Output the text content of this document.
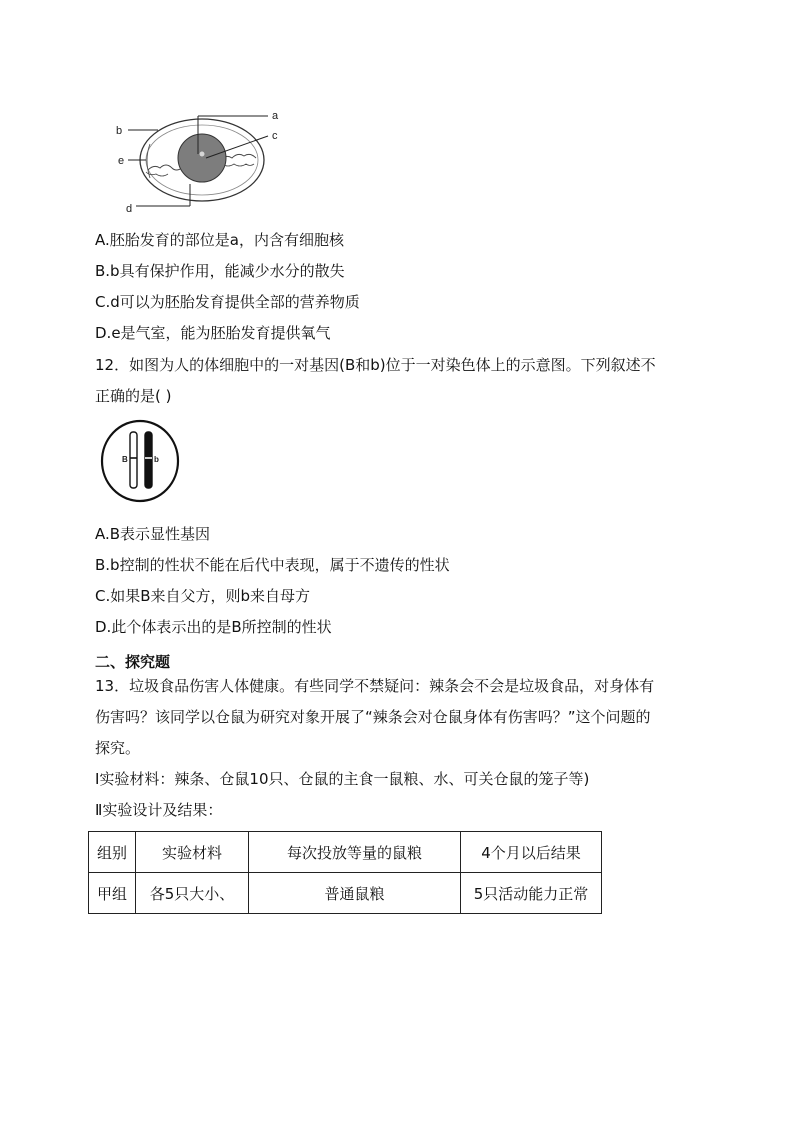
a
b	c
e
d
A.胚胎发育的部位是a，内含有细胞核
B.b具有保护作用，能减少水分的散失
C.d可以为胚胎发育提供全部的营养物质
D.e是气室，能为胚胎发育提供氧气
12．如图为人的体细胞中的一对基因(B和b)位于一对染色体上的示意图。下列叙述不
正确的是( )
B	b
A.B表示显性基因
B.b控制的性状不能在后代中表现，属于不遗传的性状
C.如果B来自父方，则b来自母方
D.此个体表示出的是B所控制的性状
二、探究题
13．垃圾食品伤害人体健康。有些同学不禁疑问：辣条会不会是垃圾食品，对身体有
伤害吗？该同学以仓鼠为研究对象开展了“辣条会对仓鼠身体有伤害吗？”这个问题的
探究。
Ⅰ实验材料：辣条、仓鼠10只、仓鼠的主食一鼠粮、水、可关仓鼠的笼子等)
Ⅱ实验设计及结果：
组别	实验材料	每次投放等量的鼠粮	4个月以后结果
甲组	各5只大小、	普通鼠粮	5只活动能力正常
